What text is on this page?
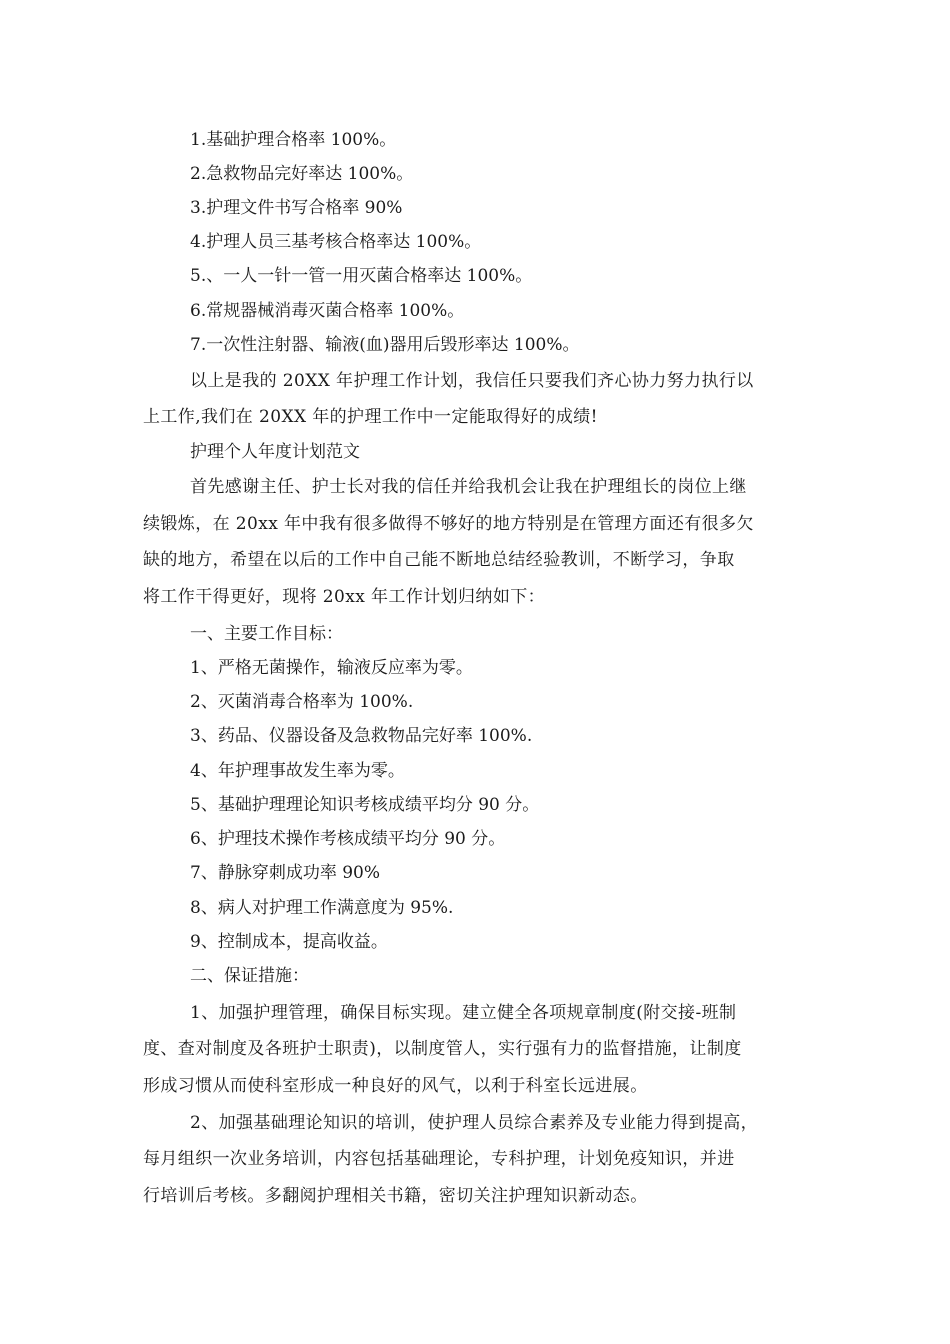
1.基础护理合格率 100%。
2.急救物品完好率达 100%。
3.护理文件书写合格率 90%
4.护理人员三基考核合格率达 100%。
5.、一人一针一管一用灭菌合格率达 100%。
6.常规器械消毒灭菌合格率 100%。
7.一次性注射器、输液(血)器用后毁形率达 100%。
以上是我的 20XX 年护理工作计划，我信任只要我们齐心协力努力执行以
上工作,我们在 20XX 年的护理工作中一定能取得好的成绩!
护理个人年度计划范文
首先感谢主任、护士长对我的信任并给我机会让我在护理组长的岗位上继
续锻炼，在 20xx 年中我有很多做得不够好的地方特别是在管理方面还有很多欠
缺的地方，希望在以后的工作中自己能不断地总结经验教训，不断学习，争取
将工作干得更好，现将 20xx 年工作计划归纳如下：
一、主要工作目标：
1、严格无菌操作，输液反应率为零。
2、灭菌消毒合格率为 100%.
3、药品、仪器设备及急救物品完好率 100%.
4、年护理事故发生率为零。
5、基础护理理论知识考核成绩平均分 90 分。
6、护理技术操作考核成绩平均分 90 分。
7、静脉穿刺成功率 90%
8、病人对护理工作满意度为 95%.
9、控制成本，提高收益。
二、保证措施：
1、加强护理管理，确保目标实现。建立健全各项规章制度(附交接-班制
度、查对制度及各班护士职责)，以制度管人，实行强有力的监督措施，让制度
形成习惯从而使科室形成一种良好的风气，以利于科室长远进展。
2、加强基础理论知识的培训，使护理人员综合素养及专业能力得到提高，
每月组织一次业务培训，内容包括基础理论，专科护理，计划免疫知识，并进
行培训后考核。多翻阅护理相关书籍，密切关注护理知识新动态。
